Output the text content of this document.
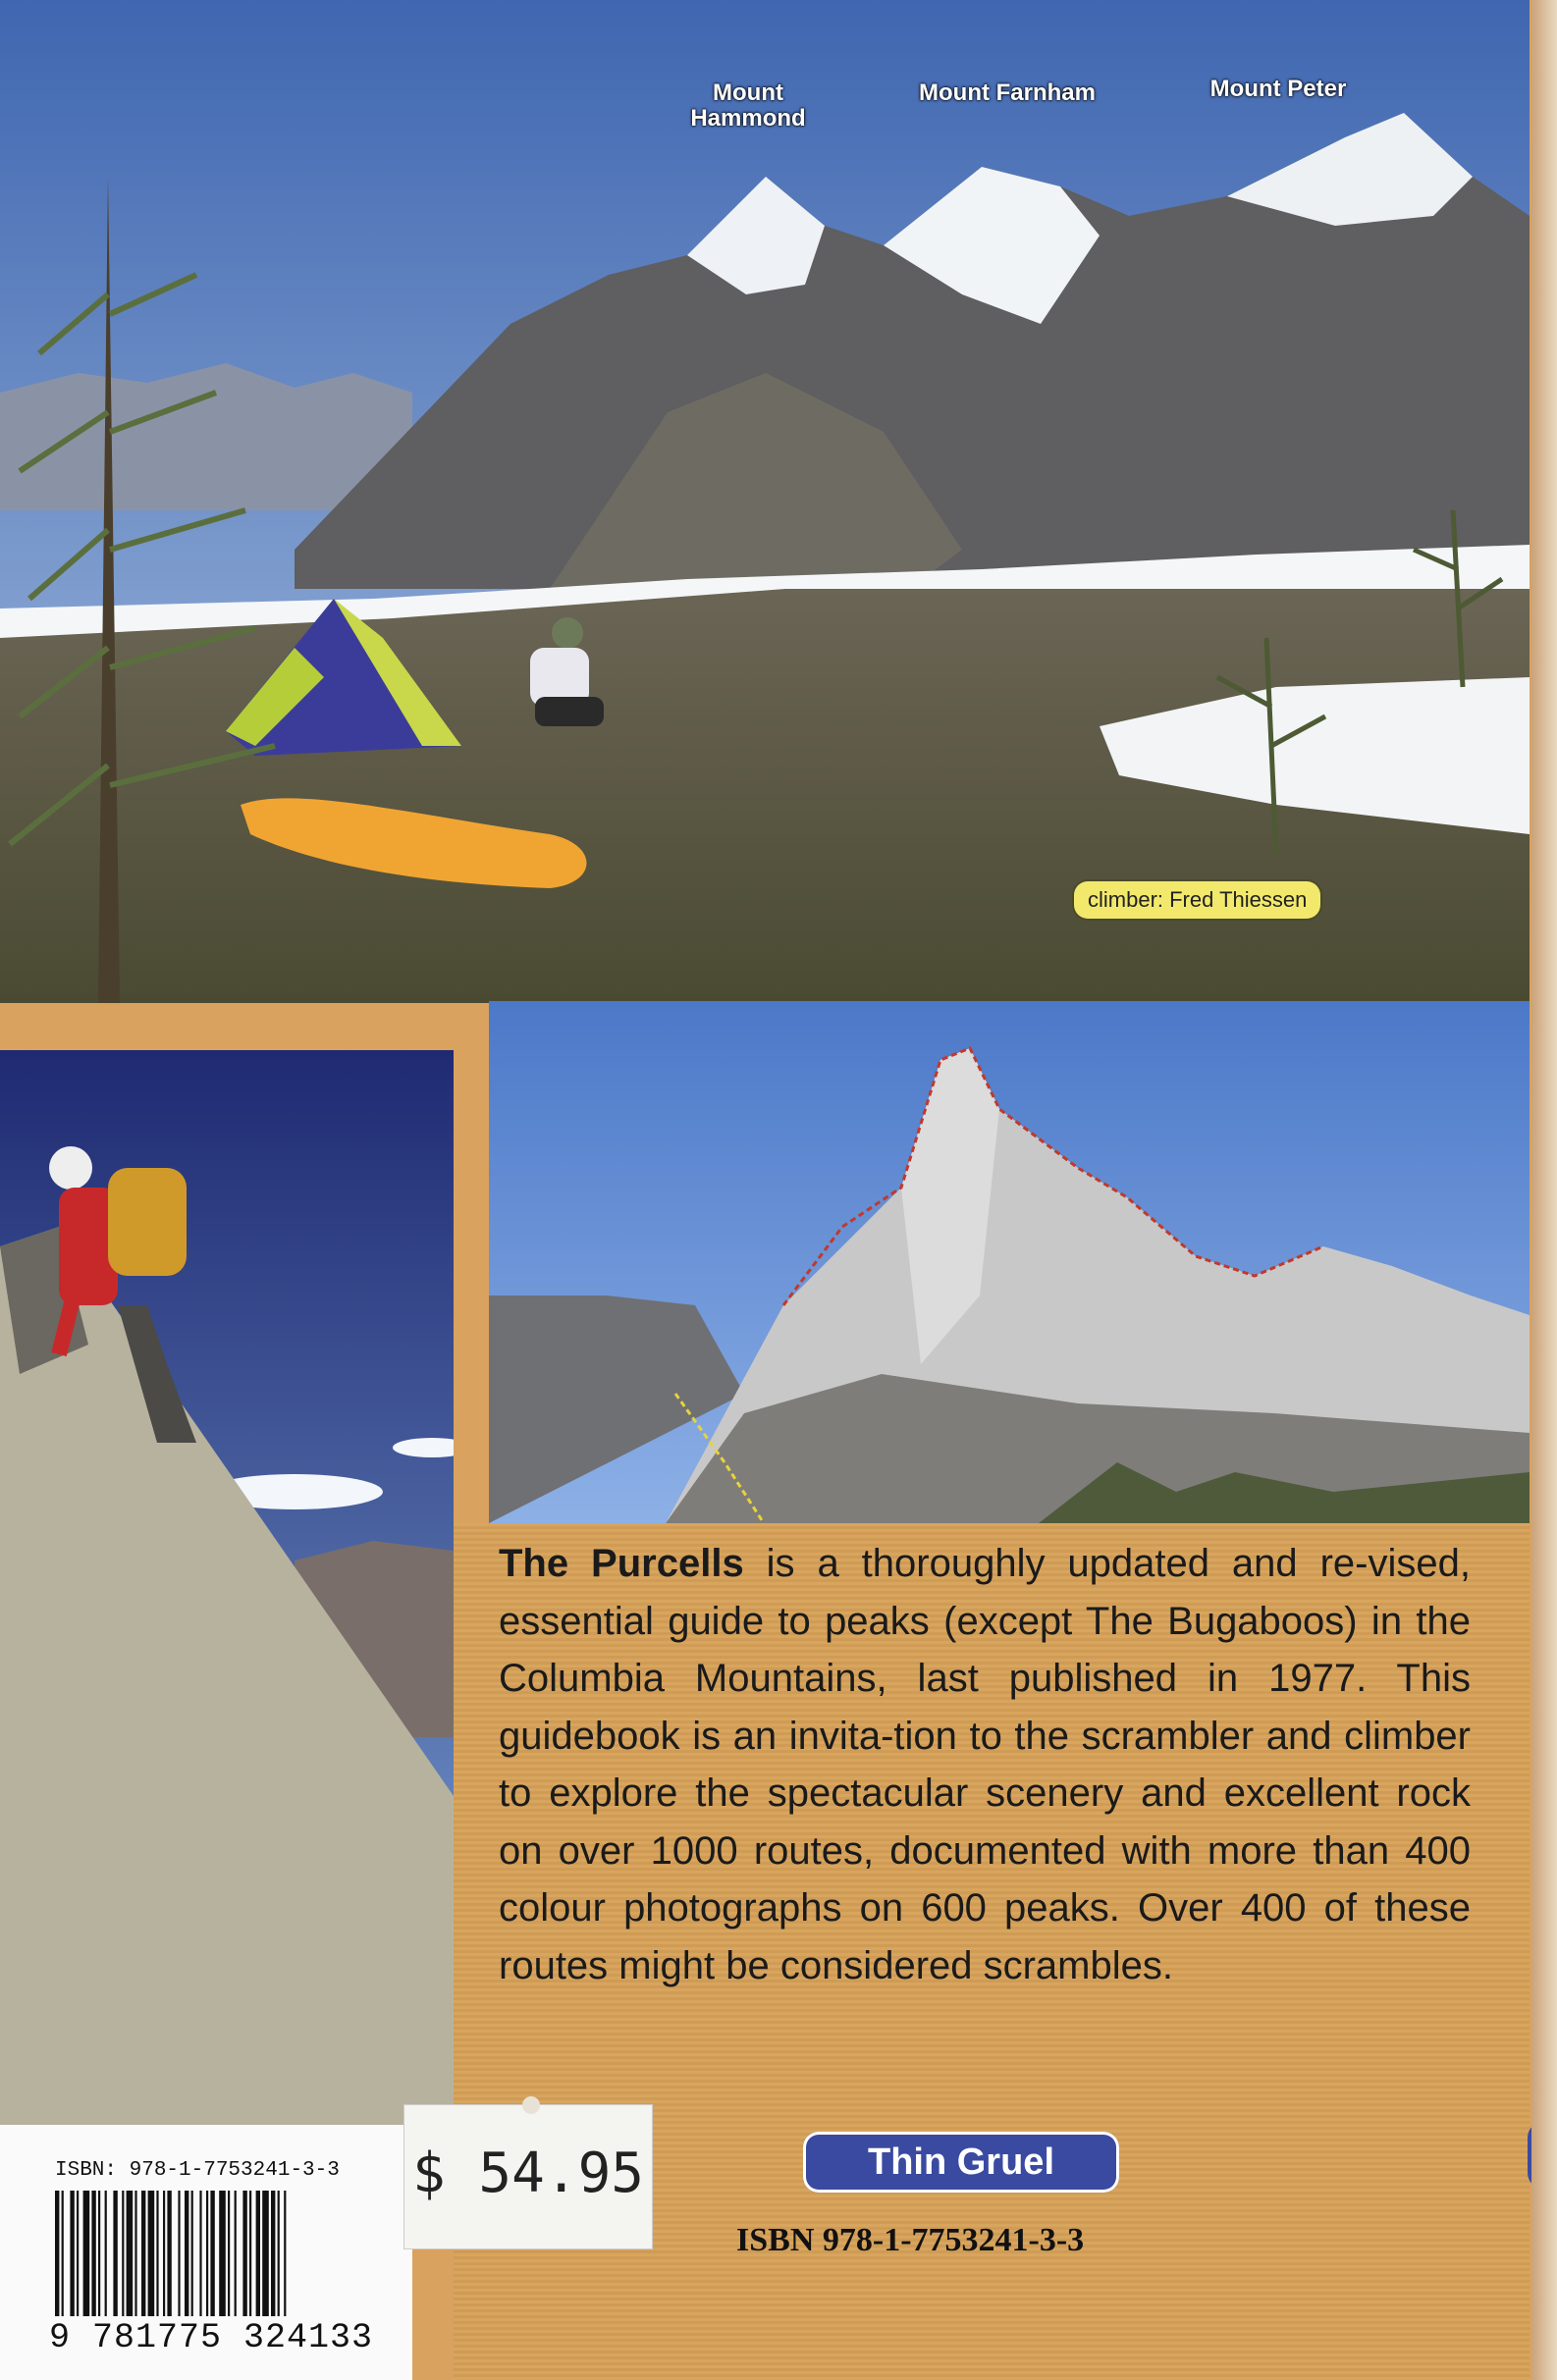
Mount Hammond
Mount Farnham	Mount Peter
climber: Fred Thiessen
The Purcells is a thoroughly updated and re-vised, essential guide to peaks (except The Bugaboos) in the Columbia Mountains, last published in 1977. This guidebook is an invita-tion to the scrambler and climber to explore the spectacular scenery and excellent rock on over 1000 routes, documented with more than 400 colour photographs on 600 peaks. Over 400 of these routes might be considered scrambles.
Thin Gruel
ISBN 978-1-7753241-3-3
ISBN: 978-1-7753241-3-3
9 781775 324133
$ 54.95
